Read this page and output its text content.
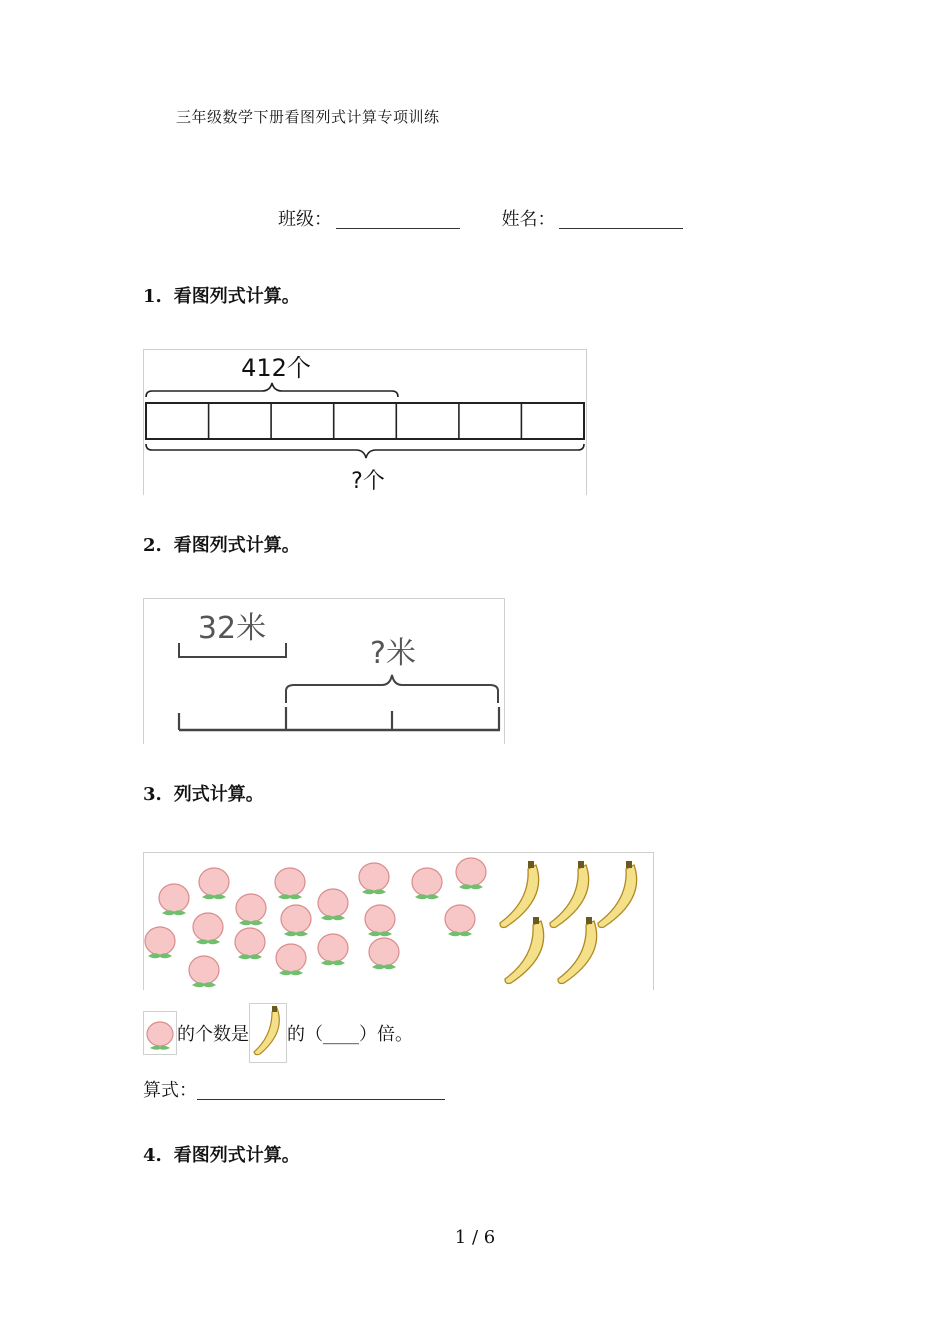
三年级数学下册看图列式计算专项训练
班级：	姓名：
1. 看图列式计算。
412个
?个
2. 看图列式计算。
32米
?米
3. 列式计算。
的个数是 的（____）倍。
算式：
4. 看图列式计算。
1 / 6
